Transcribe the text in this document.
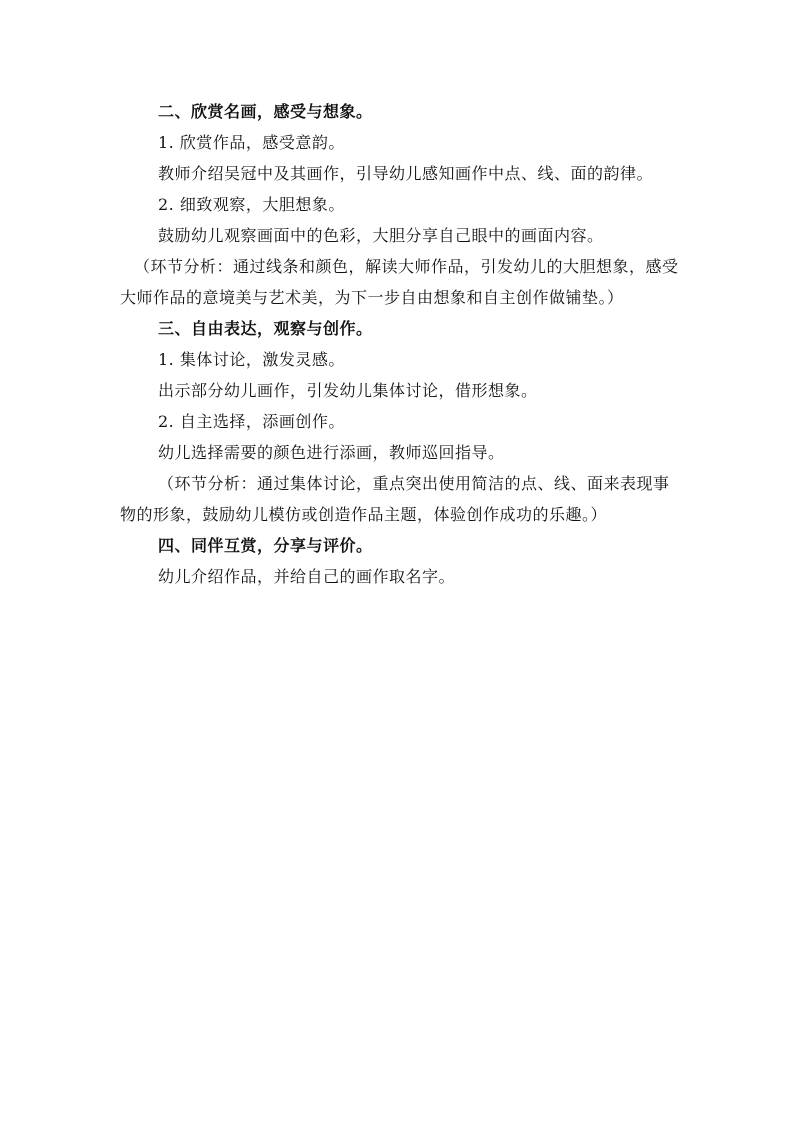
二、欣赏名画，感受与想象。

1. 欣赏作品，感受意韵。

教师介绍吴冠中及其画作，引导幼儿感知画作中点、线、面的韵律。

2. 细致观察，大胆想象。

鼓励幼儿观察画面中的色彩，大胆分享自己眼中的画面内容。

（环节分析：通过线条和颜色，解读大师作品，引发幼儿的大胆想象，感受大师作品的意境美与艺术美，为下一步自由想象和自主创作做铺垫。）

三、自由表达，观察与创作。

1. 集体讨论，激发灵感。

出示部分幼儿画作，引发幼儿集体讨论，借形想象。

2. 自主选择，添画创作。

幼儿选择需要的颜色进行添画，教师巡回指导。

（环节分析：通过集体讨论，重点突出使用简洁的点、线、面来表现事物的形象，鼓励幼儿模仿或创造作品主题，体验创作成功的乐趣。）

四、同伴互赏，分享与评价。

幼儿介绍作品，并给自己的画作取名字。
